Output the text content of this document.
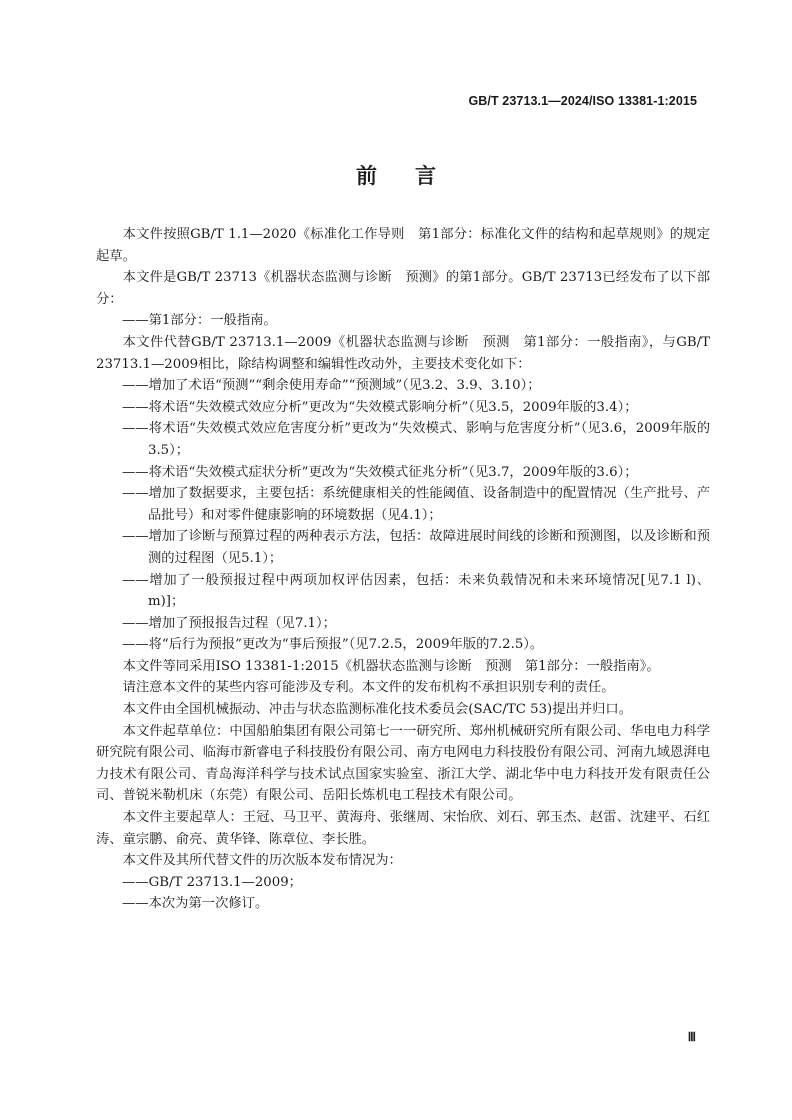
GB/T 23713.1—2024/ISO 13381-1:2015
前言

本文件按照GB/T 1.1—2020《标准化工作导则　第1部分：标准化文件的结构和起草规则》的规定起草。

本文件是GB/T 23713《机器状态监测与诊断　预测》的第1部分。GB/T 23713已经发布了以下部分：

——第1部分：一般指南。

本文件代替GB/T 23713.1—2009《机器状态监测与诊断　预测　第1部分：一般指南》，与GB/T 23713.1—2009相比，除结构调整和编辑性改动外，主要技术变化如下：

——增加了术语“预测”“剩余使用寿命”“预测域”（见3.2、3.9、3.10）；

——将术语“失效模式效应分析”更改为“失效模式影响分析”（见3.5，2009年版的3.4）；

——将术语“失效模式效应危害度分析”更改为“失效模式、影响与危害度分析”（见3.6，2009年版的3.5）；

——将术语“失效模式症状分析”更改为“失效模式征兆分析”（见3.7，2009年版的3.6）；

——增加了数据要求，主要包括：系统健康相关的性能阈值、设备制造中的配置情况（生产批号、产品批号）和对零件健康影响的环境数据（见4.1）；

——增加了诊断与预算过程的两种表示方法，包括：故障进展时间线的诊断和预测图，以及诊断和预测的过程图（见5.1）；

——增加了一般预报过程中两项加权评估因素，包括：未来负载情况和未来环境情况[见7.1 l)、m)]；

——增加了预报报告过程（见7.1）；

——将“后行为预报”更改为“事后预报”（见7.2.5，2009年版的7.2.5）。

本文件等同采用ISO 13381-1:2015《机器状态监测与诊断　预测　第1部分：一般指南》。

请注意本文件的某些内容可能涉及专利。本文件的发布机构不承担识别专利的责任。

本文件由全国机械振动、冲击与状态监测标准化技术委员会(SAC/TC 53)提出并归口。

本文件起草单位：中国船舶集团有限公司第七一一研究所、郑州机械研究所有限公司、华电电力科学研究院有限公司、临海市新睿电子科技股份有限公司、南方电网电力科技股份有限公司、河南九域恩湃电力技术有限公司、青岛海洋科学与技术试点国家实验室、浙江大学、湖北华中电力科技开发有限责任公司、普锐米勒机床（东莞）有限公司、岳阳长炼机电工程技术有限公司。

本文件主要起草人：王冠、马卫平、黄海舟、张继周、宋怡欣、刘石、郭玉杰、赵雷、沈建平、石红涛、童宗鹏、俞亮、黄华锋、陈章位、李长胜。

本文件及其所代替文件的历次版本发布情况为：

——GB/T 23713.1—2009；

——本次为第一次修订。

Ⅲ
